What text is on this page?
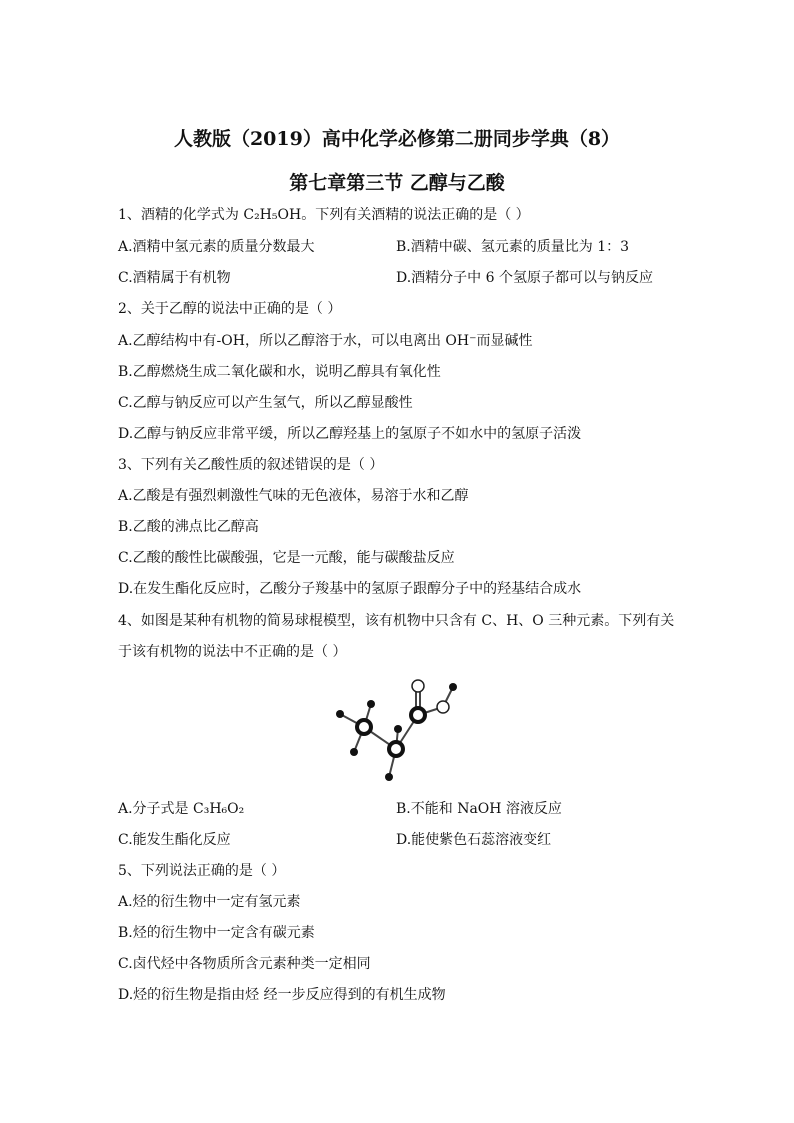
人教版（2019）高中化学必修第二册同步学典（8）
第七章第三节 乙醇与乙酸
1、酒精的化学式为 C₂H₅OH。下列有关酒精的说法正确的是（ ）
A.酒精中氢元素的质量分数最大	B.酒精中碳、氢元素的质量比为 1：3
C.酒精属于有机物	D.酒精分子中 6 个氢原子都可以与钠反应
2、关于乙醇的说法中正确的是（ ）
A.乙醇结构中有-OH，所以乙醇溶于水，可以电离出 OH⁻而显碱性
B.乙醇燃烧生成二氧化碳和水，说明乙醇具有氧化性
C.乙醇与钠反应可以产生氢气，所以乙醇显酸性
D.乙醇与钠反应非常平缓，所以乙醇羟基上的氢原子不如水中的氢原子活泼
3、下列有关乙酸性质的叙述错误的是（ ）
A.乙酸是有强烈刺激性气味的无色液体，易溶于水和乙醇
B.乙酸的沸点比乙醇高
C.乙酸的酸性比碳酸强，它是一元酸，能与碳酸盐反应
D.在发生酯化反应时，乙酸分子羧基中的氢原子跟醇分子中的羟基结合成水
4、如图是某种有机物的简易球棍模型，该有机物中只含有 C、H、O 三种元素。下列有关
于该有机物的说法中不正确的是（ ）
A.分子式是 C₃H₆O₂	B.不能和 NaOH 溶液反应
C.能发生酯化反应	D.能使紫色石蕊溶液变红
5、下列说法正确的是（ ）
A.烃的衍生物中一定有氢元素
B.烃的衍生物中一定含有碳元素
C.卤代烃中各物质所含元素种类一定相同
D.烃的衍生物是指由烃 经一步反应得到的有机生成物
